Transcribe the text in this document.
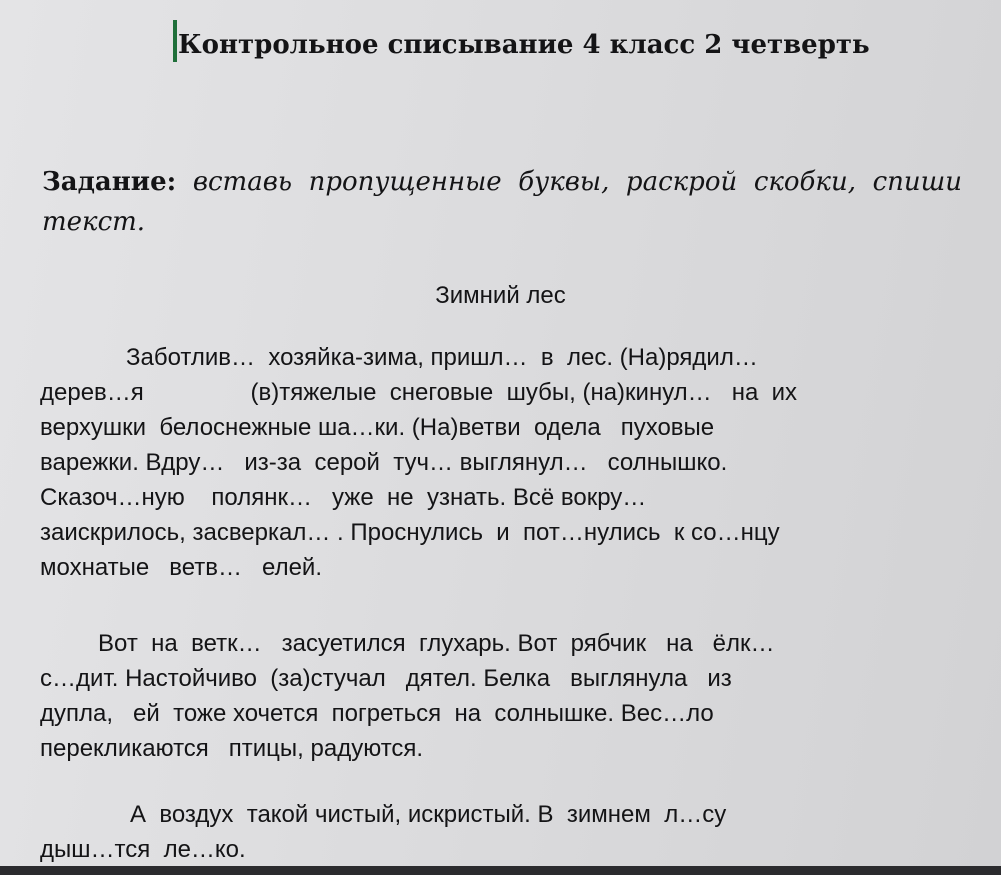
Контрольное списывание 4 класс 2 четверть
Задание: вставь пропущенные буквы, раскрой скобки, спиши текст.
Зимний лес
Заботлив…  хозяйка-зима, пришл…  в  лес. (На)рядил…
дерев…я                (в)тяжелые  снеговые  шубы, (на)кинул…   на  их
верхушки  белоснежные ша…ки. (На)ветви  одела   пуховые
варежки. Вдру…   из-за  серой  туч… выглянул…   солнышко.
Сказоч…ную    полянк…   уже  не  узнать. Всё вокру…
заискрилось, засверкал… . Проснулись  и  пот…нулись  к со…нцу
мохнатые   ветв…   елей.
Вот  на  ветк…   засуетился  глухарь. Вот  рябчик   на   ёлк…
с…дит. Настойчиво  (за)стучал   дятел. Белка   выглянула   из
дупла,   ей  тоже хочется  погреться  на  солнышке. Вес…ло
перекликаются   птицы, радуются.
А  воздух  такой чистый, искристый. В  зимнем  л…су
дыш…тся  ле…ко.
